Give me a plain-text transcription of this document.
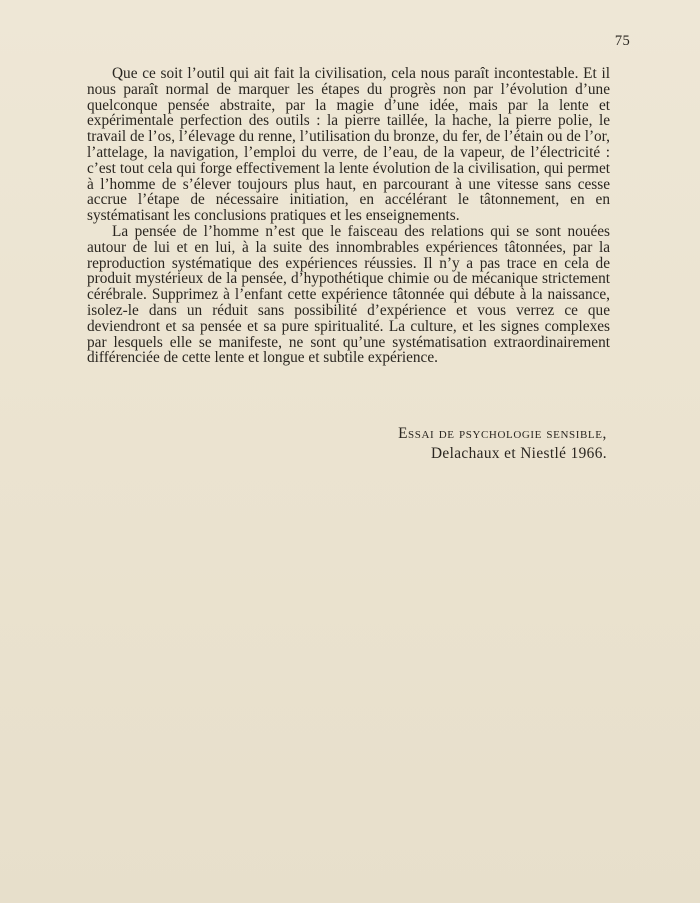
75

Que ce soit l’outil qui ait fait la civilisation, cela nous paraît incontestable. Et il nous paraît normal de marquer les étapes du progrès non par l’évolution d’une quelconque pensée abstraite, par la magie d’une idée, mais par la lente et expérimentale perfection des outils : la pierre taillée, la hache, la pierre polie, le travail de l’os, l’élevage du renne, l’utilisation du bronze, du fer, de l’étain ou de l’or, l’attelage, la navigation, l’emploi du verre, de l’eau, de la vapeur, de l’électricité : c’est tout cela qui forge effectivement la lente évolution de la civilisation, qui permet à l’homme de s’élever toujours plus haut, en parcourant à une vitesse sans cesse accrue l’étape de nécessaire initiation, en accélérant le tâtonnement, en en systématisant les conclusions pratiques et les enseignements.

La pensée de l’homme n’est que le faisceau des relations qui se sont nouées autour de lui et en lui, à la suite des innombrables expériences tâtonnées, par la reproduction systématique des expériences réussies. Il n’y a pas trace en cela de produit mystérieux de la pensée, d’hypothétique chimie ou de mécanique strictement cérébrale. Supprimez à l’enfant cette expérience tâtonnée qui débute à la naissance, isolez-le dans un réduit sans possibilité d’expérience et vous verrez ce que deviendront et sa pensée et sa pure spiritualité. La culture, et les signes complexes par lesquels elle se manifeste, ne sont qu’une systématisation extraordinairement différenciée de cette lente et longue et subtile expérience.

Essai de psychologie sensible,
Delachaux et Niestlé 1966.
